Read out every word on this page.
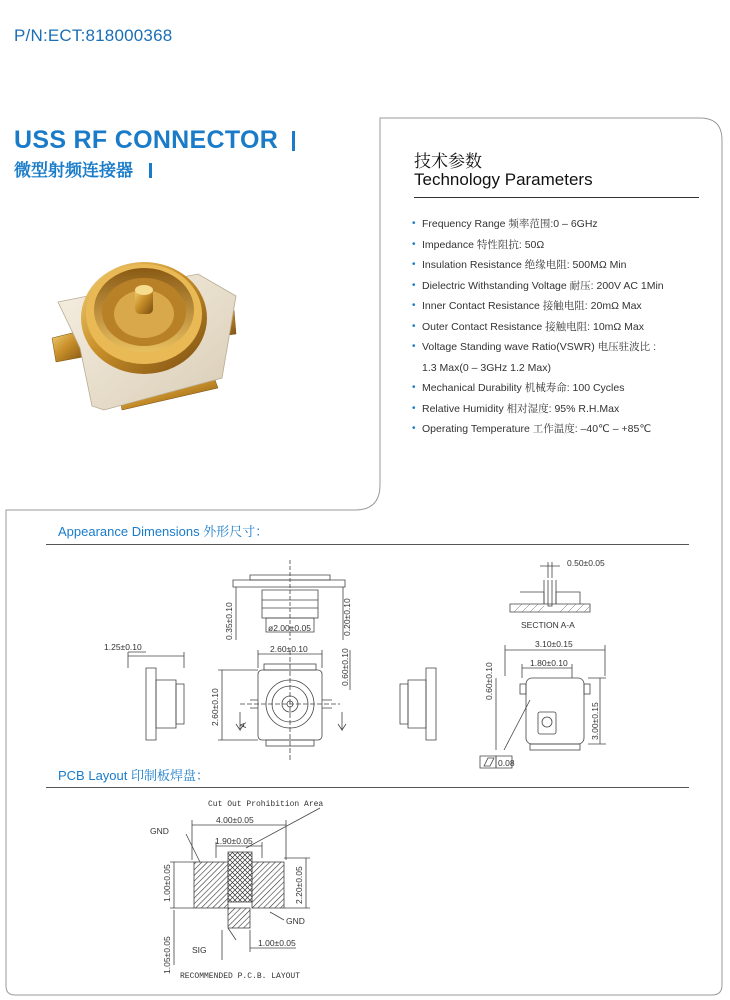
P/N:ECT:818000368
USS RF CONNECTOR
微型射频连接器	技术参数
Technology Parameters
• Frequency Range 频率范围:0 – 6GHz
• Impedance 特性阻抗: 50Ω
• Insulation Resistance 绝缘电阻: 500MΩ Min
• Dielectric Withstanding Voltage 耐压: 200V AC 1Min
• Inner Contact Resistance 接触电阻: 20mΩ Max
• Outer Contact Resistance 接触电阻: 10mΩ Max
• Voltage Standing wave Ratio(VSWR) 电压驻波比 :
1.3 Max(0 – 3GHz 1.2 Max)
• Mechanical Durability 机械寿命: 100 Cycles
• Relative Humidity 相对湿度: 95% R.H.Max
• Operating Temperature 工作温度: –40℃ – +85℃
Appearance Dimensions 外形尺寸：
0.50±0.05
0.35±0.10	ø2.00±0.05	0.20±0.10	SECTION A-A
3.10±0.15
1.80±0.10
1.25±0.10	2.60±0.10	0.60±0.10
2.60±0.10
0.60±0.10
3.00±0.15
0.08
A
PCB Layout 印制板焊盘：
Cut Out Prohibition Area
GND
GND
SIG
4.00±0.05
1.90±0.05
1.00±0.05	2.20±0.05
1.05±0.05	1.00±0.05
RECOMMENDED P.C.B. LAYOUT
